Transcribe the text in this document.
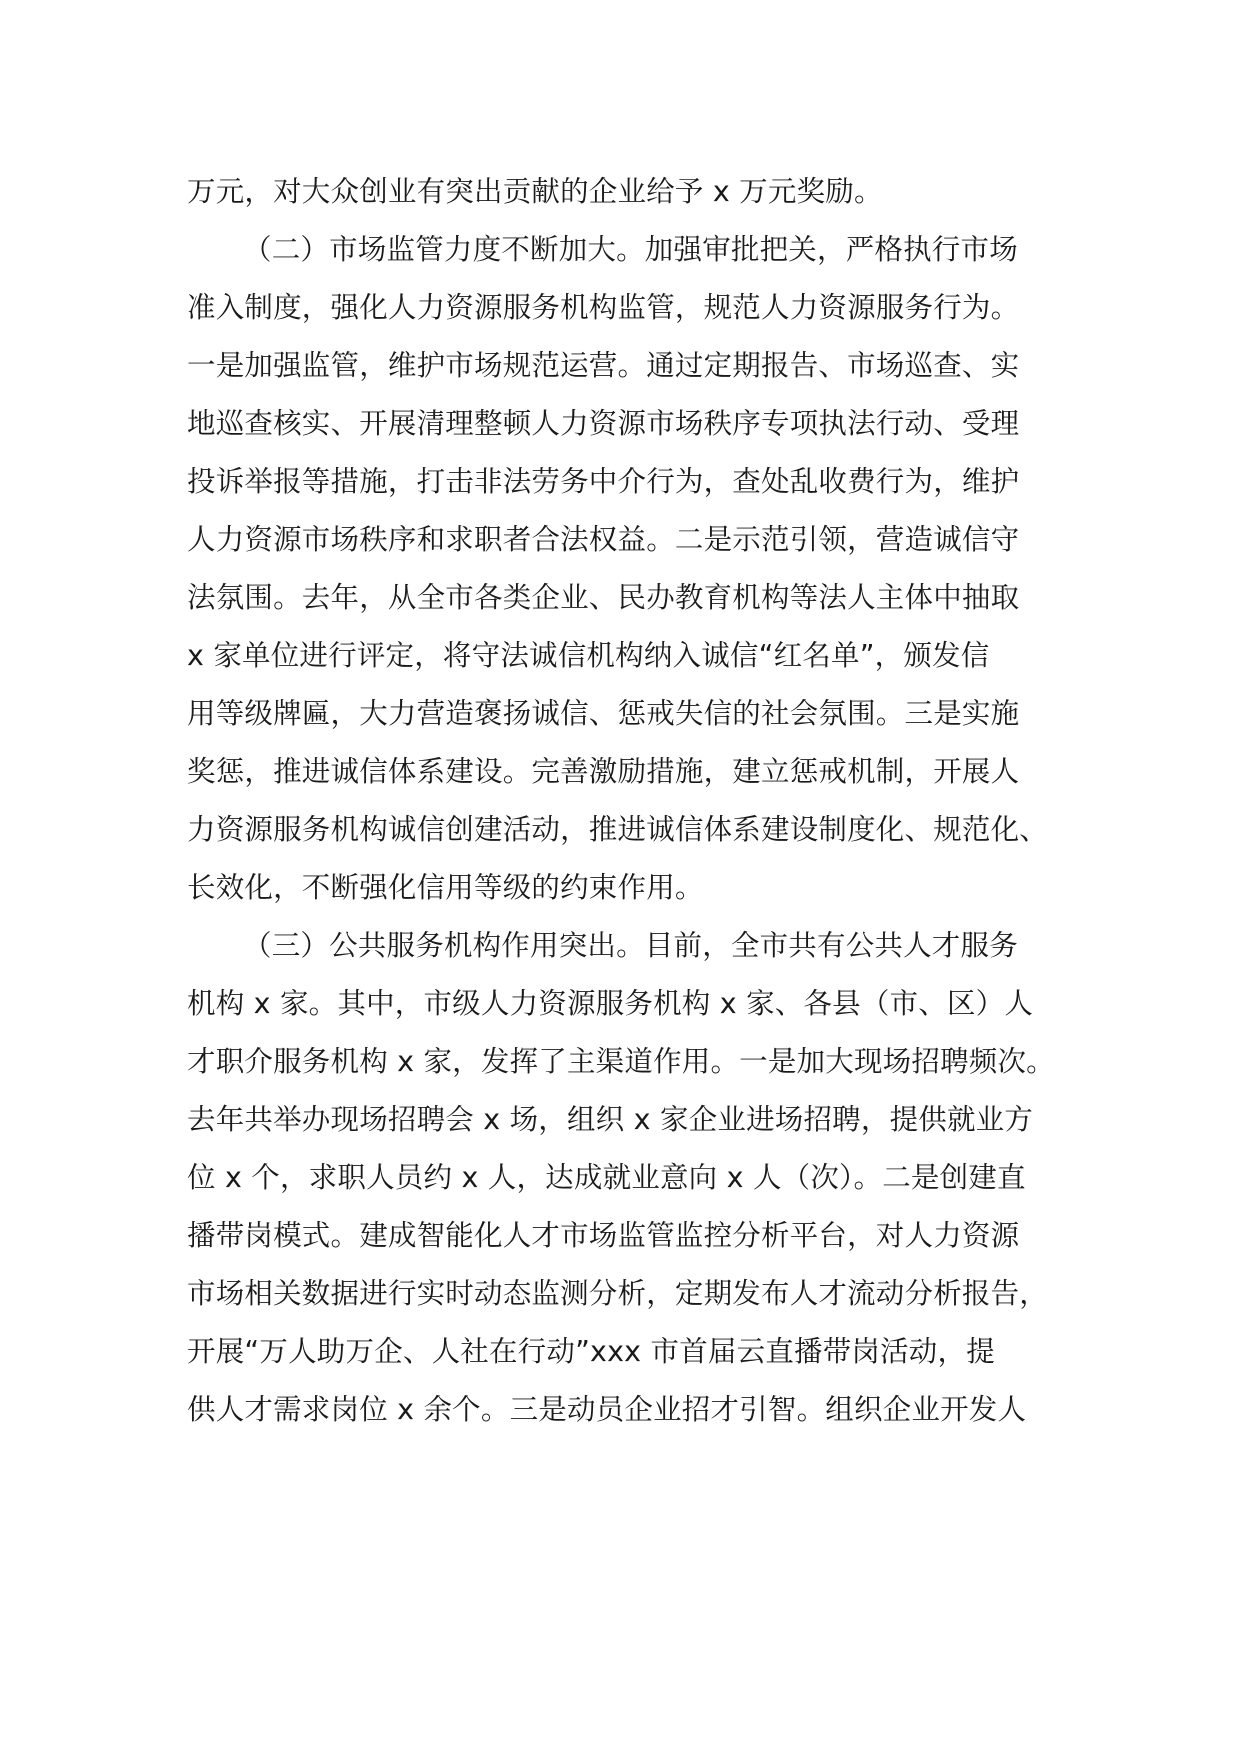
万元，对大众创业有突出贡献的企业给予 x 万元奖励。
（二）市场监管力度不断加大。加强审批把关，严格执行市场
准入制度，强化人力资源服务机构监管，规范人力资源服务行为。
一是加强监管，维护市场规范运营。通过定期报告、市场巡查、实
地巡查核实、开展清理整顿人力资源市场秩序专项执法行动、受理
投诉举报等措施，打击非法劳务中介行为，查处乱收费行为，维护
人力资源市场秩序和求职者合法权益。二是示范引领，营造诚信守
法氛围。去年，从全市各类企业、民办教育机构等法人主体中抽取
x 家单位进行评定，将守法诚信机构纳入诚信“红名单”，颁发信
用等级牌匾，大力营造褒扬诚信、惩戒失信的社会氛围。三是实施
奖惩，推进诚信体系建设。完善激励措施，建立惩戒机制，开展人
力资源服务机构诚信创建活动，推进诚信体系建设制度化、规范化、
长效化，不断强化信用等级的约束作用。
（三）公共服务机构作用突出。目前，全市共有公共人才服务
机构 x 家。其中，市级人力资源服务机构 x 家、各县（市、区）人
才职介服务机构 x 家，发挥了主渠道作用。一是加大现场招聘频次。
去年共举办现场招聘会 x 场，组织 x 家企业进场招聘，提供就业方
位 x 个，求职人员约 x 人，达成就业意向 x 人（次）。二是创建直
播带岗模式。建成智能化人才市场监管监控分析平台，对人力资源
市场相关数据进行实时动态监测分析，定期发布人才流动分析报告，
开展“万人助万企、人社在行动”xxx 市首届云直播带岗活动，提
供人才需求岗位 x 余个。三是动员企业招才引智。组织企业开发人
